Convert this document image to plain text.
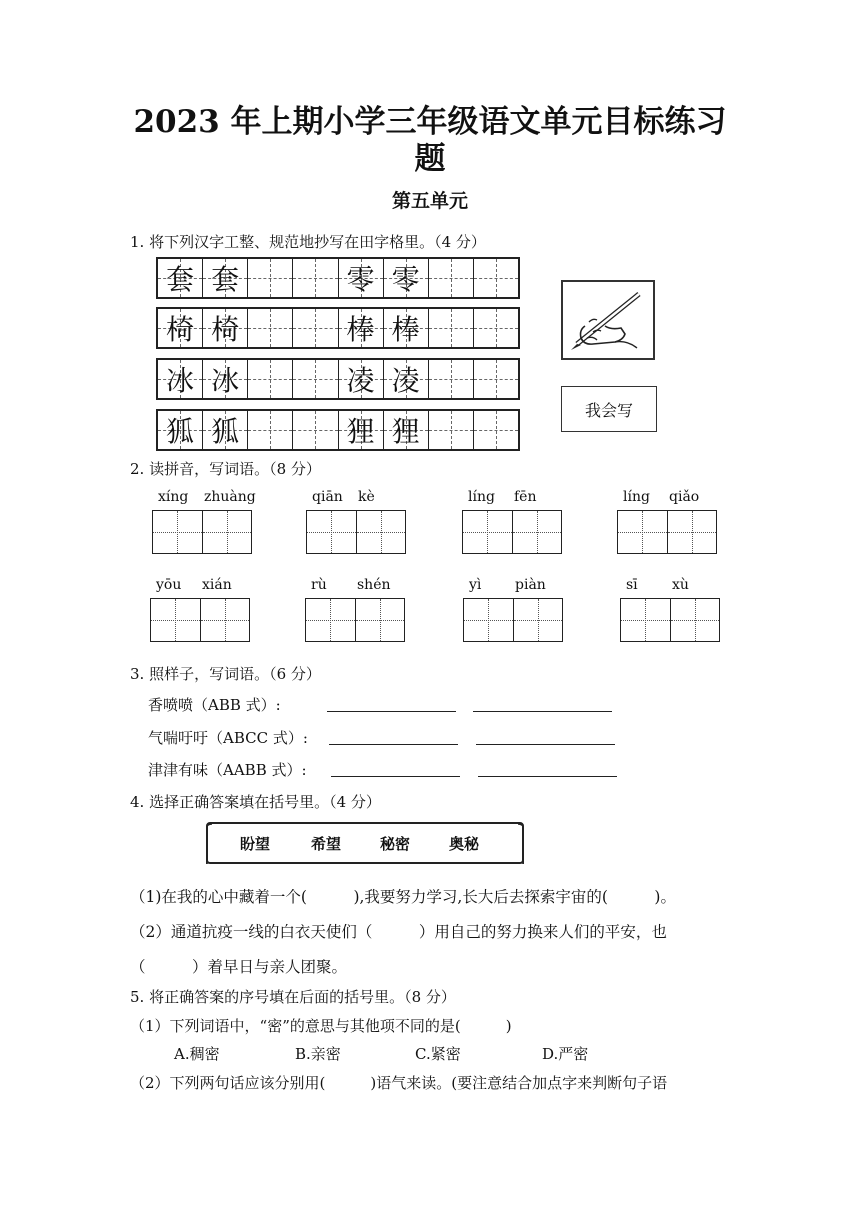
2023 年上期小学三年级语文单元目标练习
题
第五单元
1. 将下列汉字工整、规范地抄写在田字格里。（4 分）
套 套	零 零
椅 椅	棒 棒
冰 冰	凌 凌
狐 狐	狸 狸
我会写
2. 读拼音，写词语。（8 分）
xíng zhuàng	qiān kè	líng fēn	líng qiǎo
yōu xián	rù shén	yì piàn	sī xù
3. 照样子，写词语。（6 分）
香喷喷（ABB 式）:
气喘吁吁（ABCC 式）:
津津有味（AABB 式）:
4. 选择正确答案填在括号里。（4 分）
盼望	希望	秘密	奥秘
（1)在我的心中藏着一个(　　　),我要努力学习,长大后去探索宇宙的(　　　)。
（2）通道抗疫一线的白衣天使们（　　　）用自己的努力换来人们的平安，也
（　　　）着早日与亲人团聚。
5. 将正确答案的序号填在后面的括号里。（8 分）
（1）下列词语中，“密”的意思与其他项不同的是(　　　)
A.稠密	B.亲密	C.紧密	D.严密
（2）下列两句话应该分别用(　　　)语气来读。(要注意结合加点字来判断句子语
